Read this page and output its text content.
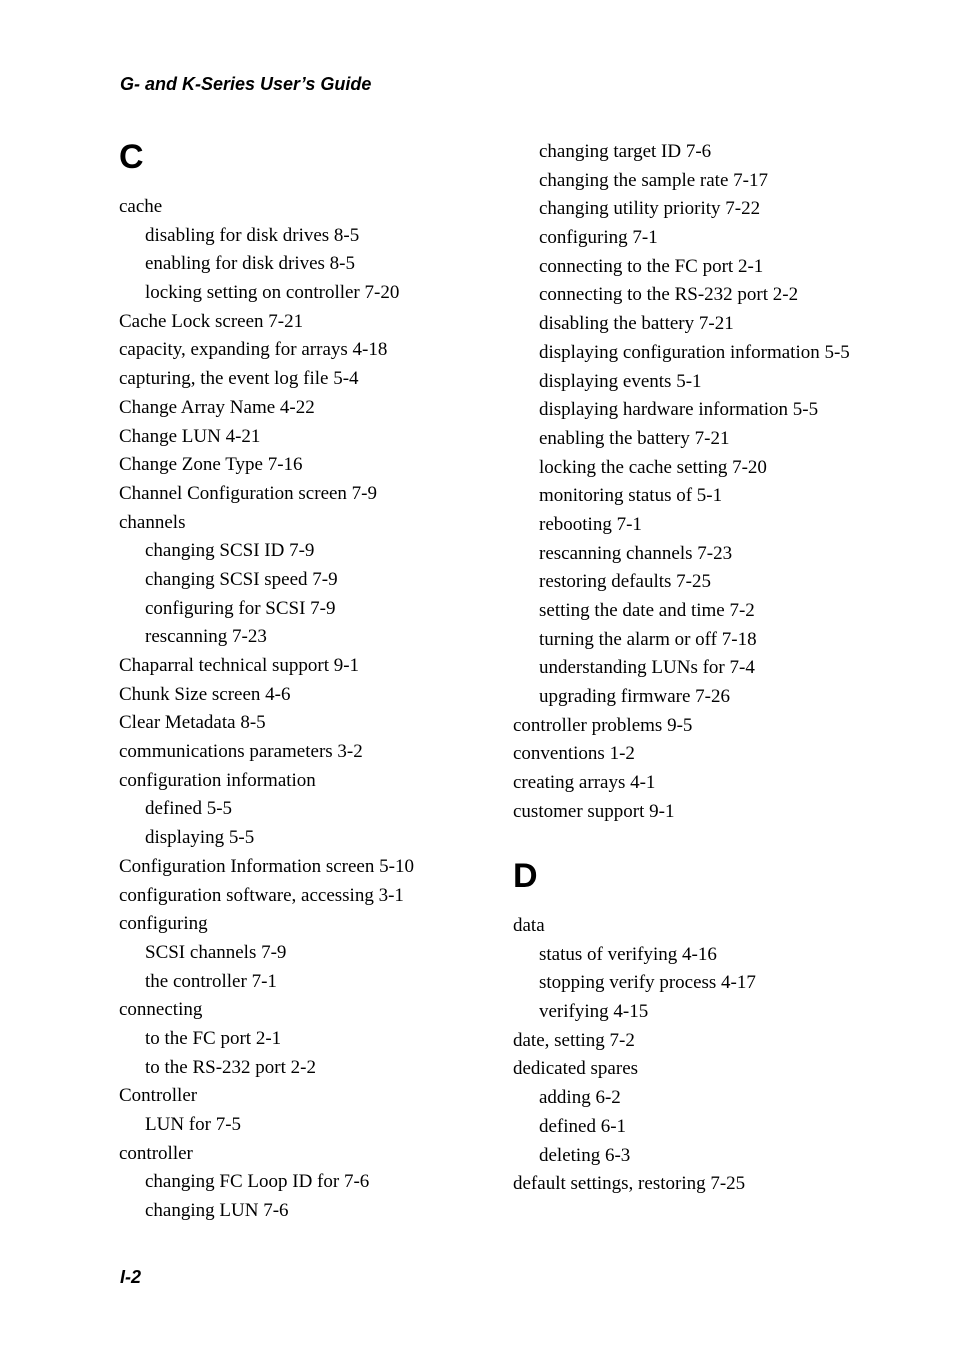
G- and K-Series User’s Guide
C
cache
disabling for disk drives 8-5
enabling for disk drives 8-5
locking setting on controller 7-20
Cache Lock screen 7-21
capacity, expanding for arrays 4-18
capturing, the event log file 5-4
Change Array Name 4-22
Change LUN 4-21
Change Zone Type 7-16
Channel Configuration screen 7-9
channels
changing SCSI ID 7-9
changing SCSI speed 7-9
configuring for SCSI 7-9
rescanning 7-23
Chaparral technical support 9-1
Chunk Size screen 4-6
Clear Metadata 8-5
communications parameters 3-2
configuration information
defined 5-5
displaying 5-5
Configuration Information screen 5-10
configuration software, accessing 3-1
configuring
SCSI channels 7-9
the controller 7-1
connecting
to the FC port 2-1
to the RS-232 port 2-2
Controller
LUN for 7-5
controller
changing FC Loop ID for 7-6
changing LUN 7-6
changing target ID 7-6
changing the sample rate 7-17
changing utility priority 7-22
configuring 7-1
connecting to the FC port 2-1
connecting to the RS-232 port 2-2
disabling the battery 7-21
displaying configuration information 5-5
displaying events 5-1
displaying hardware information 5-5
enabling the battery 7-21
locking the cache setting 7-20
monitoring status of 5-1
rebooting 7-1
rescanning channels 7-23
restoring defaults 7-25
setting the date and time 7-2
turning the alarm or off 7-18
understanding LUNs for 7-4
upgrading firmware 7-26
controller problems 9-5
conventions 1-2
creating arrays 4-1
customer support 9-1
D
data
status of verifying 4-16
stopping verify process 4-17
verifying 4-15
date, setting 7-2
dedicated spares
adding 6-2
defined 6-1
deleting 6-3
default settings, restoring 7-25
I-2
